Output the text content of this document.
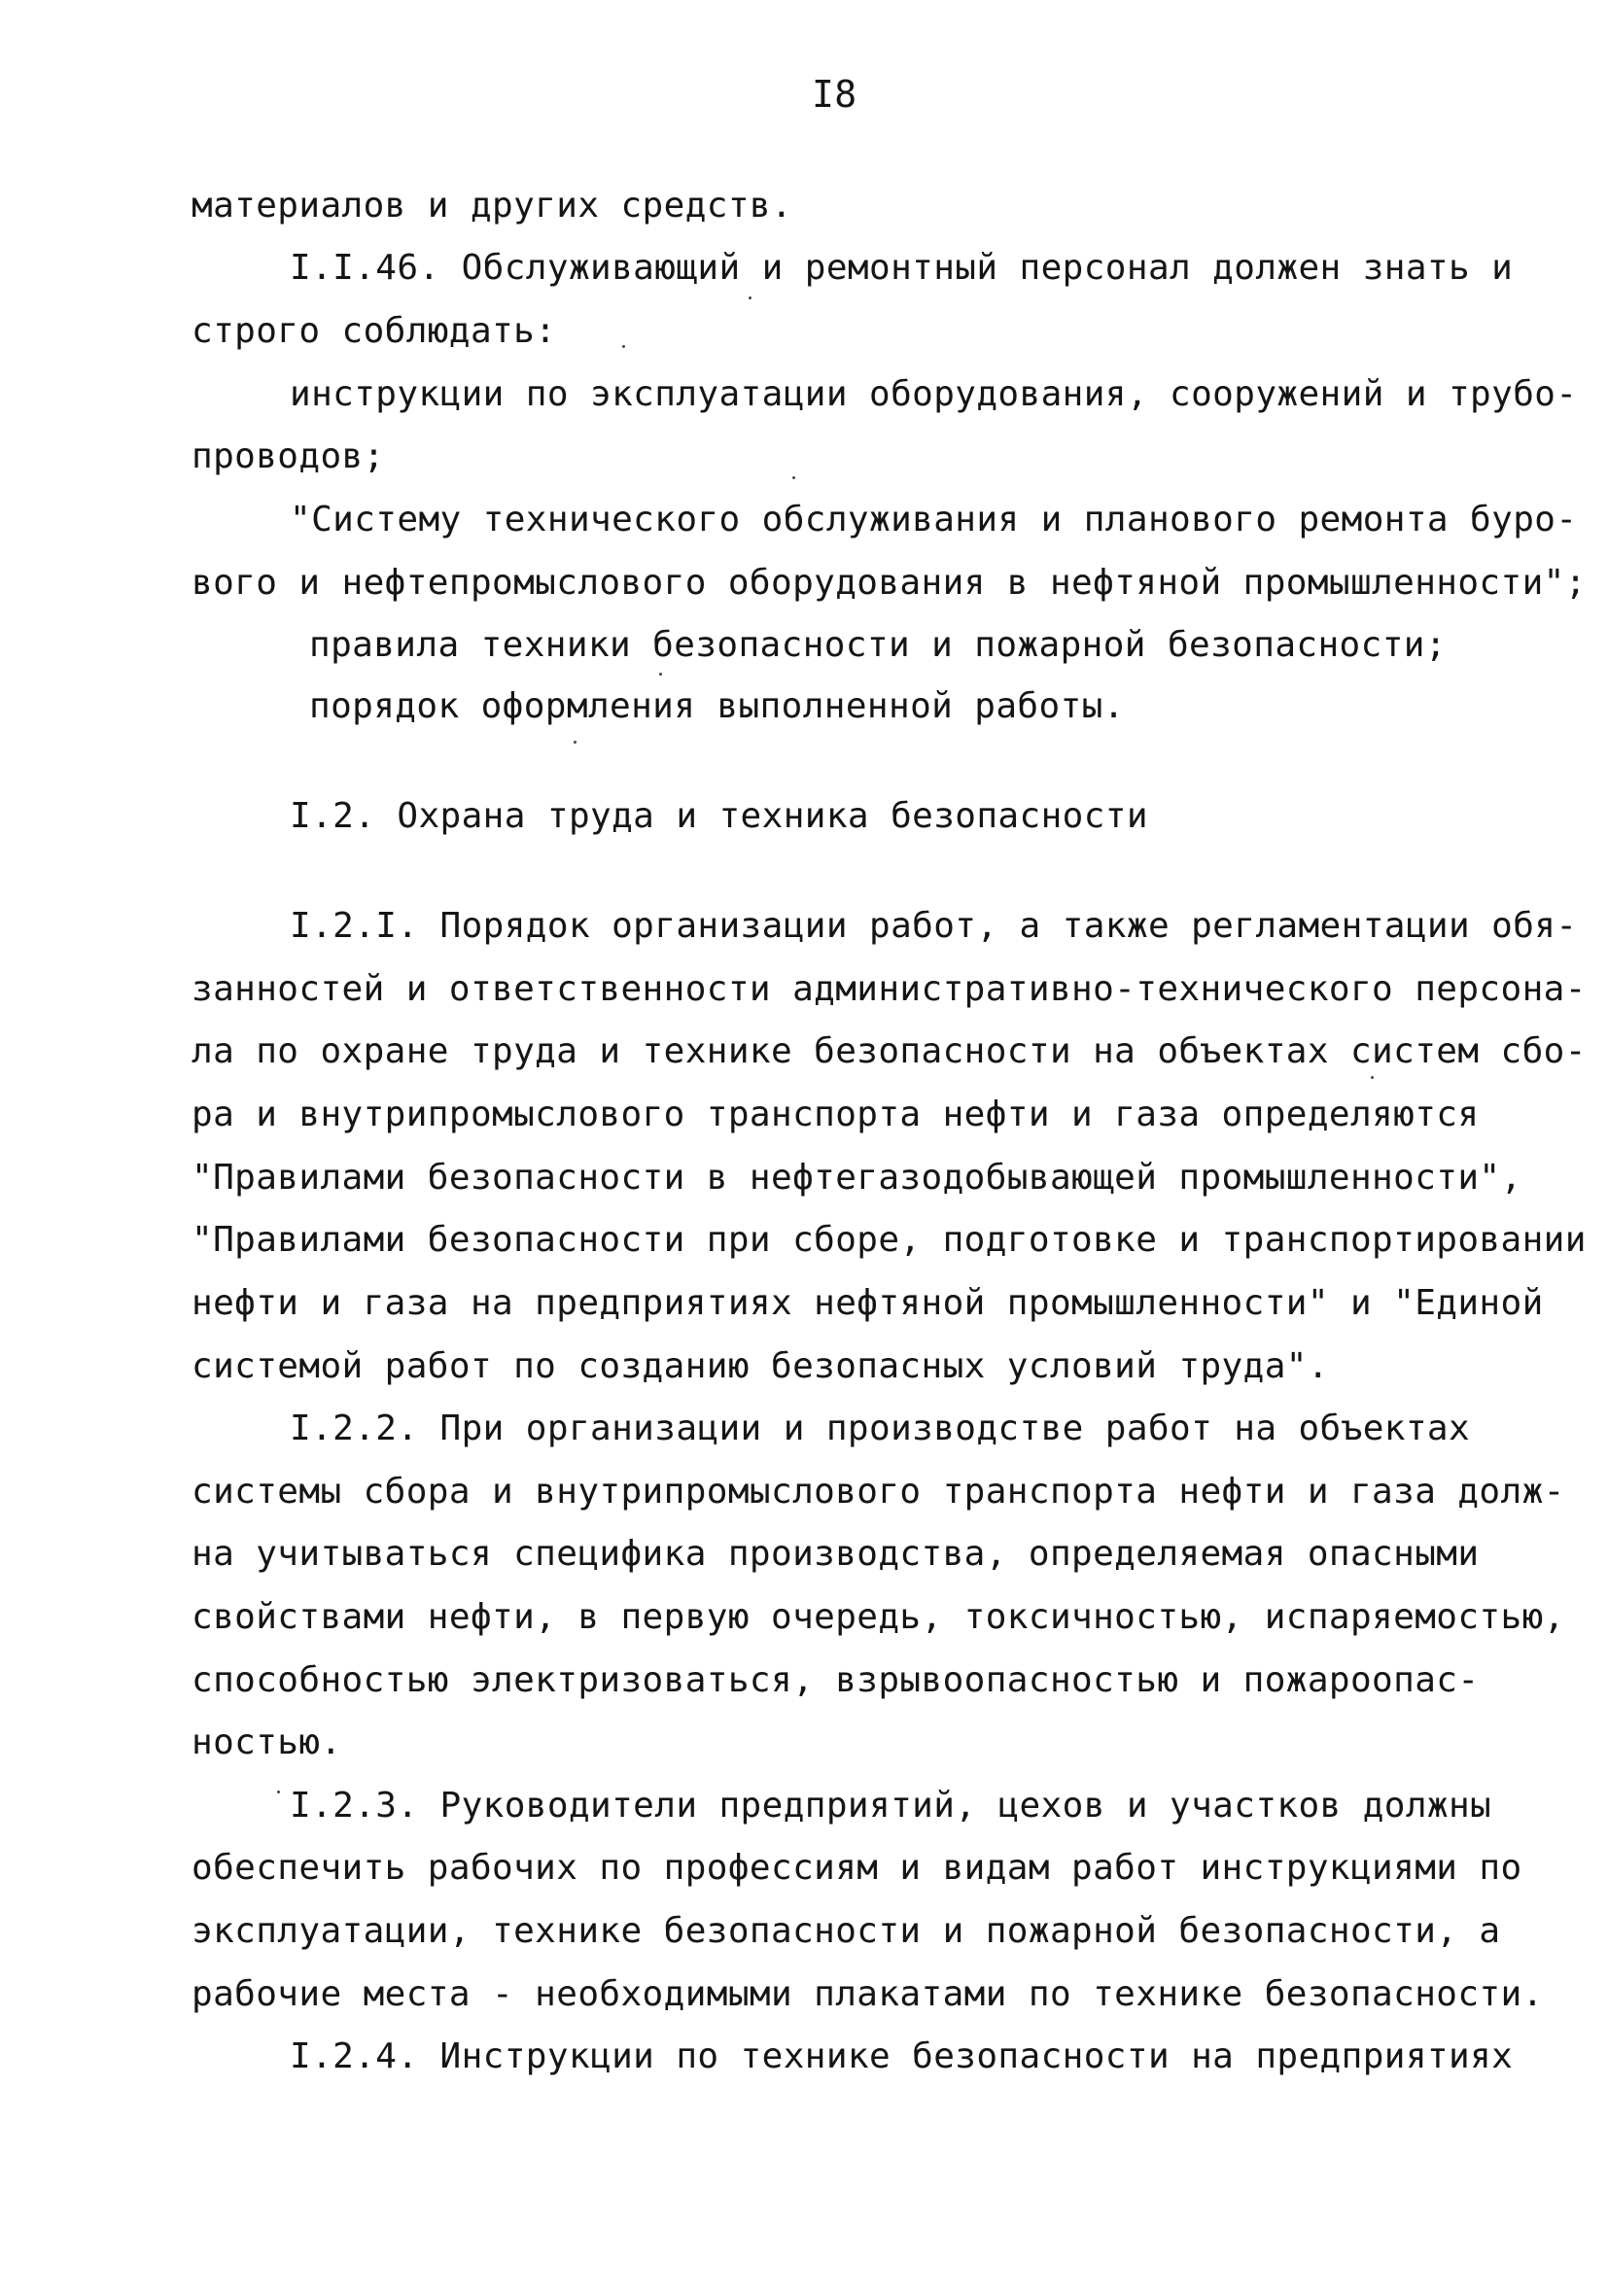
I8
материалов и других средств.
I.I.46. Обслуживающий и ремонтный персонал должен знать и
строго соблюдать:
инструкции по эксплуатации оборудования, сооружений и трубо-
проводов;
"Систему технического обслуживания и планового ремонта буро-
вого и нефтепромыслового оборудования в нефтяной промышленности";
правила техники безопасности и пожарной безопасности;
порядок оформления выполненной работы.
I.2. Охрана труда и техника безопасности
I.2.I. Порядок организации работ, а также регламентации обя-
занностей и ответственности административно-технического персона-
ла по охране труда и технике безопасности на объектах систем сбо-
ра и внутрипромыслового транспорта нефти и газа определяются
"Правилами безопасности в нефтегазодобывающей промышленности",
"Правилами безопасности при сборе, подготовке и транспортировании
нефти и газа на предприятиях нефтяной промышленности" и "Единой
системой работ по созданию безопасных условий труда".
I.2.2. При организации и производстве работ на объектах
системы сбора и внутрипромыслового транспорта нефти и газа долж-
на учитываться специфика производства, определяемая опасными
свойствами нефти, в первую очередь, токсичностью, испаряемостью,
способностью электризоваться, взрывоопасностью и пожароопас-
ностью.
I.2.3. Руководители предприятий, цехов и участков должны
обеспечить рабочих по профессиям и видам работ инструкциями по
эксплуатации, технике безопасности и пожарной безопасности, а
рабочие места - необходимыми плакатами по технике безопасности.
I.2.4. Инструкции по технике безопасности на предприятиях
